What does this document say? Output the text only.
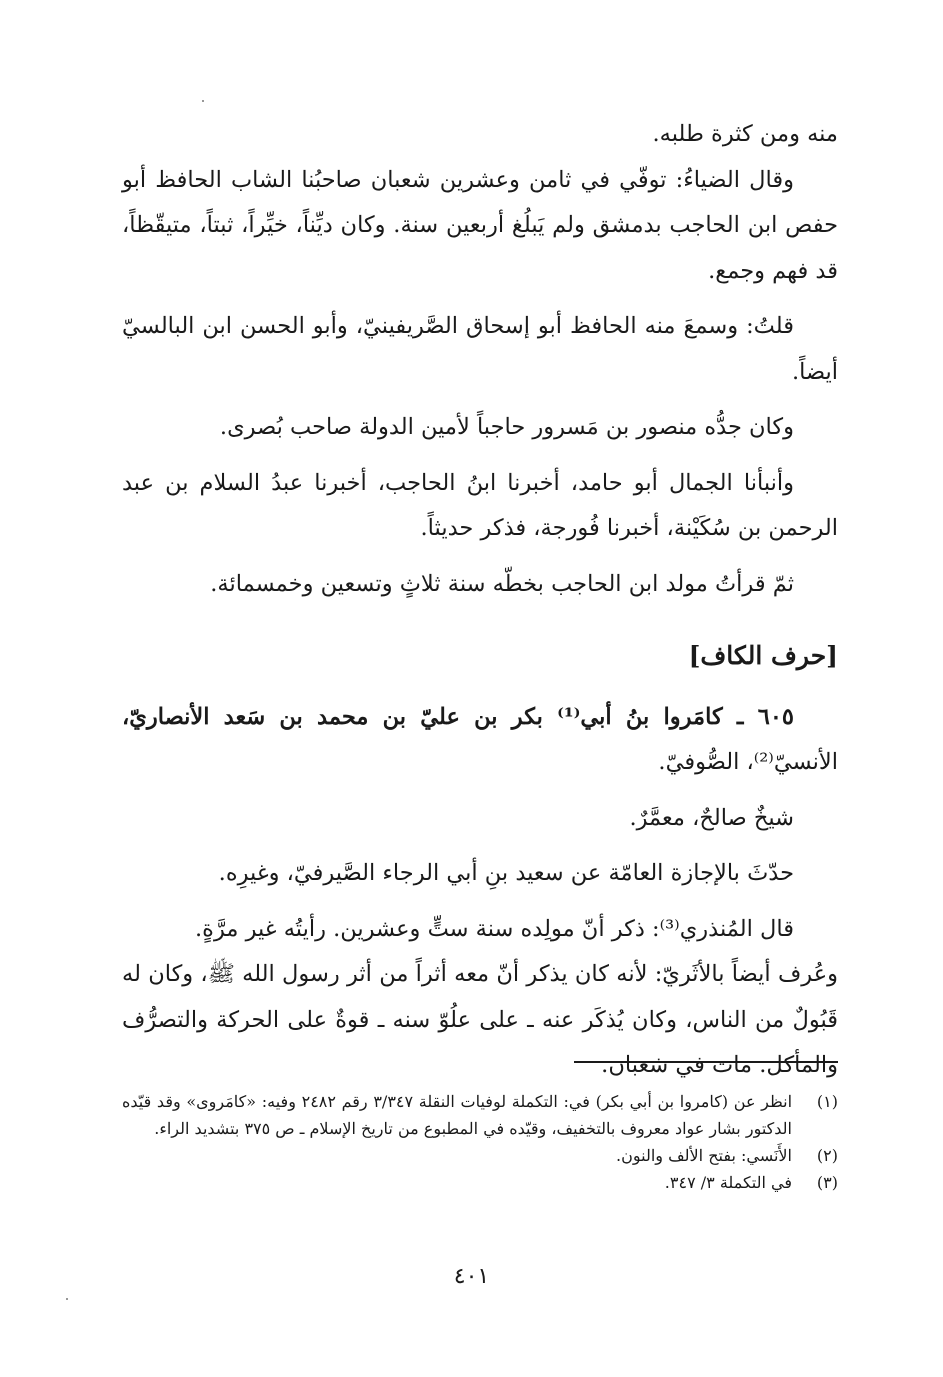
منه ومن كثرة طلبه.

وقال الضياءُ: توفّي في ثامن وعشرين شعبان صاحبُنا الشاب الحافظ أبو حفص ابن الحاجب بدمشق ولم يَبلُغ أربعين سنة. وكان ديِّناً، خيِّراً، ثبتاً، متيقّظاً، قد فهم وجمع.

قلتُ: وسمعَ منه الحافظ أبو إسحاق الصَّريفينيّ، وأبو الحسن ابن البالسيّ أيضاً.

وكان جدُّه منصور بن مَسرور حاجباً لأمين الدولة صاحب بُصرى.

وأنبأنا الجمال أبو حامد، أخبرنا ابنُ الحاجب، أخبرنا عبدُ السلام بن عبد الرحمن بن سُكَيْنة، أخبرنا فُورجة، فذكر حديثاً.

ثمّ قرأتُ مولد ابن الحاجب بخطّه سنة ثلاثٍ وتسعين وخمسمائة.

[حرف الكاف]

٦٠٥ ـ كامَروا بنُ أبي⁽¹⁾ بكر بن عليّ بن محمد بن سَعد الأنصاريّ، الأنسيّ⁽²⁾، الصُّوفيّ.

شيخٌ صالحٌ، معمَّرٌ.

حدّثَ بالإجازة العامّة عن سعيد بنِ أبي الرجاء الصَّيرفيّ، وغيرِه.

قال المُنذري⁽³⁾: ذكر أنّ مولِده سنة ستٍّ وعشرين. رأيتُه غير مرَّةٍ.

وعُرف أيضاً بالأثَريّ: لأنه كان يذكر أنّ معه أثراً من أثر رسول الله ﷺ، وكان له قَبُولٌ من الناس، وكان يُذكَر عنه ـ على علُوّ سنه ـ قوةٌ على الحركة والتصرُّف والمأكل. مات في شعبان.

(١)
انظر عن (كامروا بن أبي بكر) في: التكملة لوفيات النقلة ٣/٣٤٧ رقم ٢٤٨٢ وفيه: «كامَروى» وقد قيّده الدكتور بشار عواد معروف بالتخفيف، وقيّده في المطبوع من تاريخ الإسلام ـ ص ٣٧٥ بتشديد الراء.
(٢)
الأَنَسي: بفتح الألف والنون.
(٣)
في التكملة ٣/ ٣٤٧.
٤٠١
